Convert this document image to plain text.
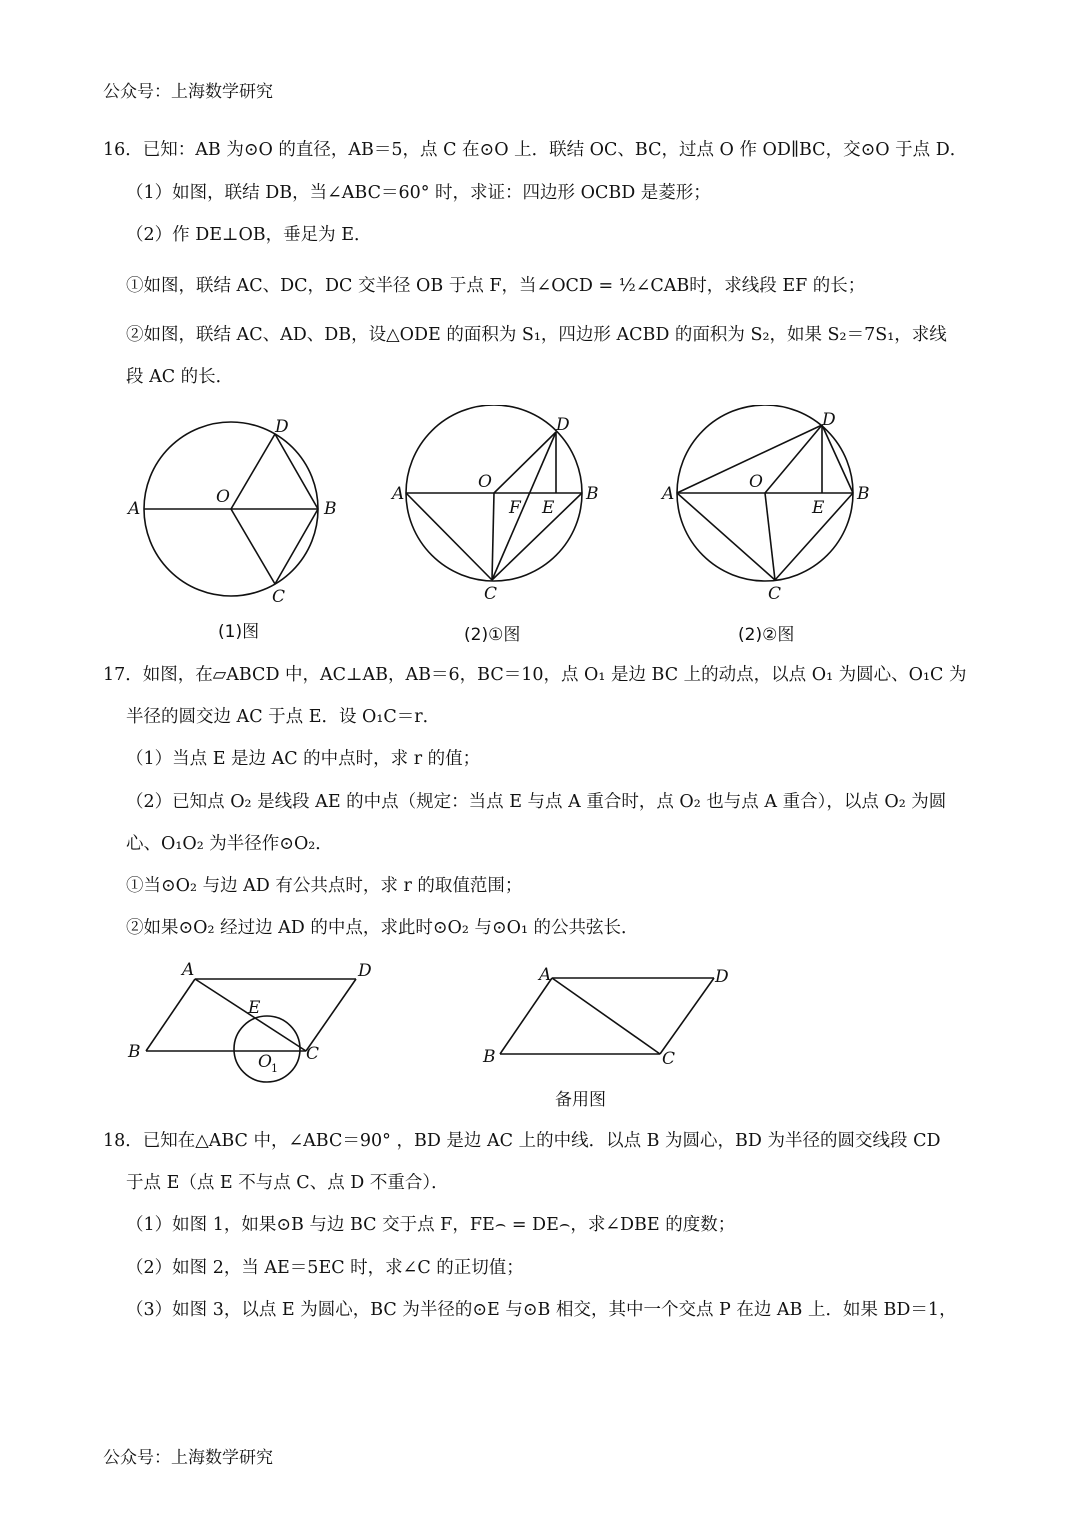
公众号：上海数学研究
16．已知：AB 为⊙O 的直径，AB＝5，点 C 在⊙O 上．联结 OC、BC，过点 O 作 OD∥BC，交⊙O 于点 D．
（1）如图，联结 DB，当∠ABC＝60° 时，求证：四边形 OCBD 是菱形；
（2）作 DE⊥OB，垂足为 E．
①如图，联结 AC、DC，DC 交半径 OB 于点 F，当∠OCD = ½∠CAB时，求线段 EF 的长；
②如图，联结 AC、AD、DB，设△ODE 的面积为 S₁，四边形 ACBD 的面积为 S₂，如果 S₂＝7S₁，求线
段 AC 的长．
A	B
O
D
C
(1)图
A	B
O
D
F E
C
(2)①图
A	B
O
D
E
C
(2)②图
17．如图，在▱ABCD 中，AC⊥AB，AB＝6，BC＝10，点 O₁ 是边 BC 上的动点，以点 O₁ 为圆心、O₁C 为
半径的圆交边 AC 于点 E．设 O₁C＝r．
（1）当点 E 是边 AC 的中点时，求 r 的值；
（2）已知点 O₂ 是线段 AE 的中点（规定：当点 E 与点 A 重合时，点 O₂ 也与点 A 重合），以点 O₂ 为圆
心、O₁O₂ 为半径作⊙O₂．
①当⊙O₂ 与边 AD 有公共点时，求 r 的取值范围；
②如果⊙O₂ 经过边 AD 的中点，求此时⊙O₂ 与⊙O₁ 的公共弦长．
A	D
B	C
E
O 1
A	D
B	C
备用图
18．已知在△ABC 中，∠ABC＝90° ，BD 是边 AC 上的中线．以点 B 为圆心，BD 为半径的圆交线段 CD
于点 E（点 E 不与点 C、点 D 不重合）．
（1）如图 1，如果⊙B 与边 BC 交于点 F，FE⌢ = DE⌢，求∠DBE 的度数；
（2）如图 2，当 AE＝5EC 时，求∠C 的正切值；
（3）如图 3，以点 E 为圆心，BC 为半径的⊙E 与⊙B 相交，其中一个交点 P 在边 AB 上．如果 BD＝1，
公众号：上海数学研究
